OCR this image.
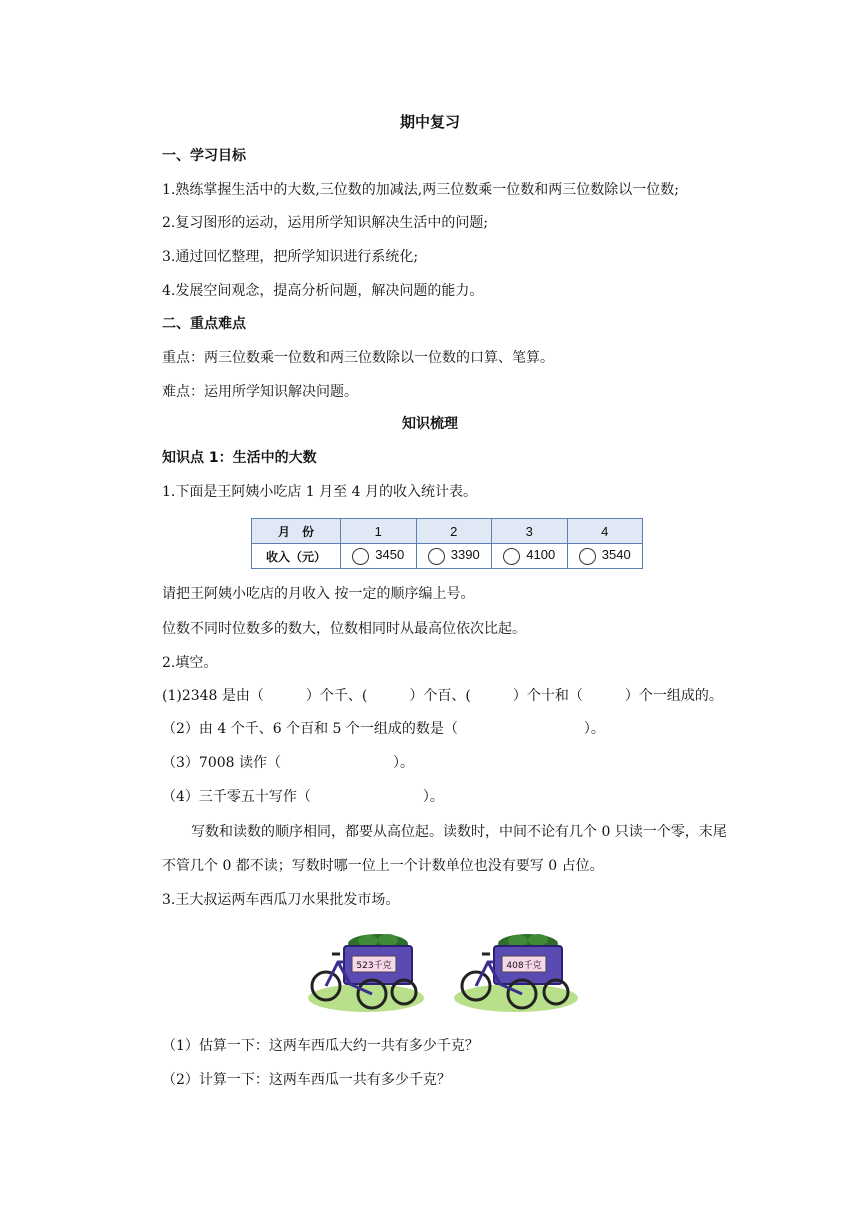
期中复习
一、学习目标
1.熟练掌握生活中的大数,三位数的加减法,两三位数乘一位数和两三位数除以一位数;
2.复习图形的运动，运用所学知识解决生活中的问题;
3.通过回忆整理，把所学知识进行系统化;
4.发展空间观念，提高分析问题，解决问题的能力。
二、重点难点
重点：两三位数乘一位数和两三位数除以一位数的口算、笔算。
难点：运用所学知识解决问题。
知识梳理
知识点 1：生活中的大数
1.下面是王阿姨小吃店 1 月至 4 月的收入统计表。
月　份	1	2	3	4
收入（元）	3450	3390	4100	3540
请把王阿姨小吃店的月收入 按一定的顺序编上号。
位数不同时位数多的数大，位数相同时从最高位依次比起。
2.填空。
(1)2348 是由（　　　）个千、(　　　）个百、(　　　）个十和（　　　）个一组成的。
（2）由 4 个千、6 个百和 5 个一组成的数是（　　　　　　　　　）。
（3）7008 读作（　　　　　　　　）。
（4）三千零五十写作（　　　　　　　　）。
写数和读数的顺序相同，都要从高位起。读数时，中间不论有几个 0 只读一个零，末尾
不管几个 0 都不读；写数时哪一位上一个计数单位也没有要写 0 占位。
3.王大叔运两车西瓜刀水果批发市场。
523千克	408千克
（1）估算一下：这两车西瓜大约一共有多少千克？
（2）计算一下：这两车西瓜一共有多少千克？
